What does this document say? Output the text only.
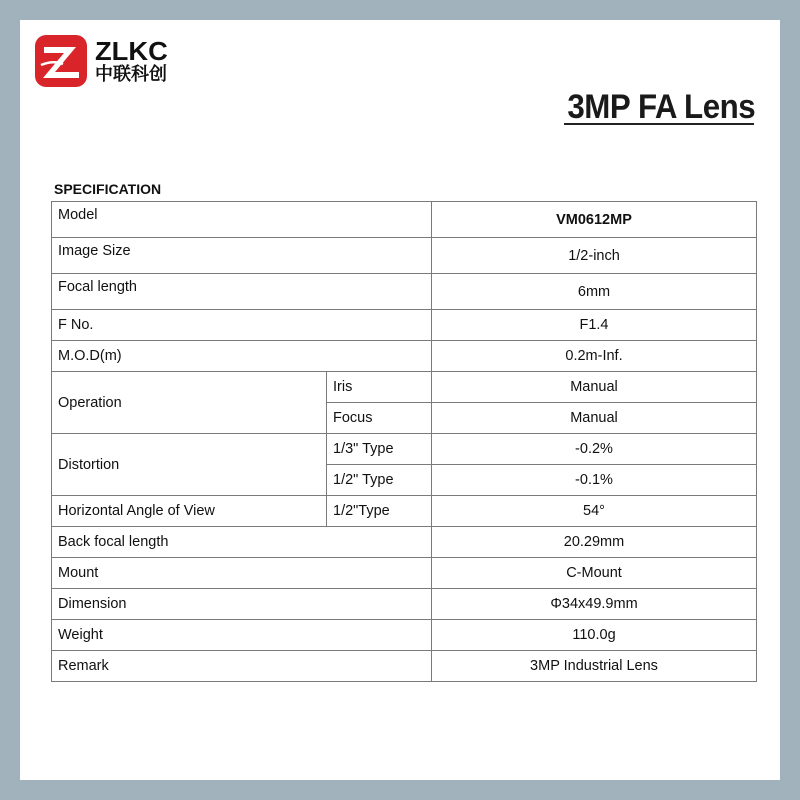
ZLKC
中联科创
3MP FA Lens
SPECIFICATION
Model		VM0612MP
Image Size		1/2-inch
Focal length		6mm
F No.		F1.4
M.O.D(m)		0.2m-Inf.
Operation	Iris	Manual
	Focus	Manual
Distortion	1/3" Type	-0.2%
	1/2" Type	-0.1%
Horizontal Angle of View	1/2"Type	54°
Back focal length		20.29mm
Mount		C-Mount
Dimension		Φ34x49.9mm
Weight		110.0g
Remark		3MP Industrial Lens
